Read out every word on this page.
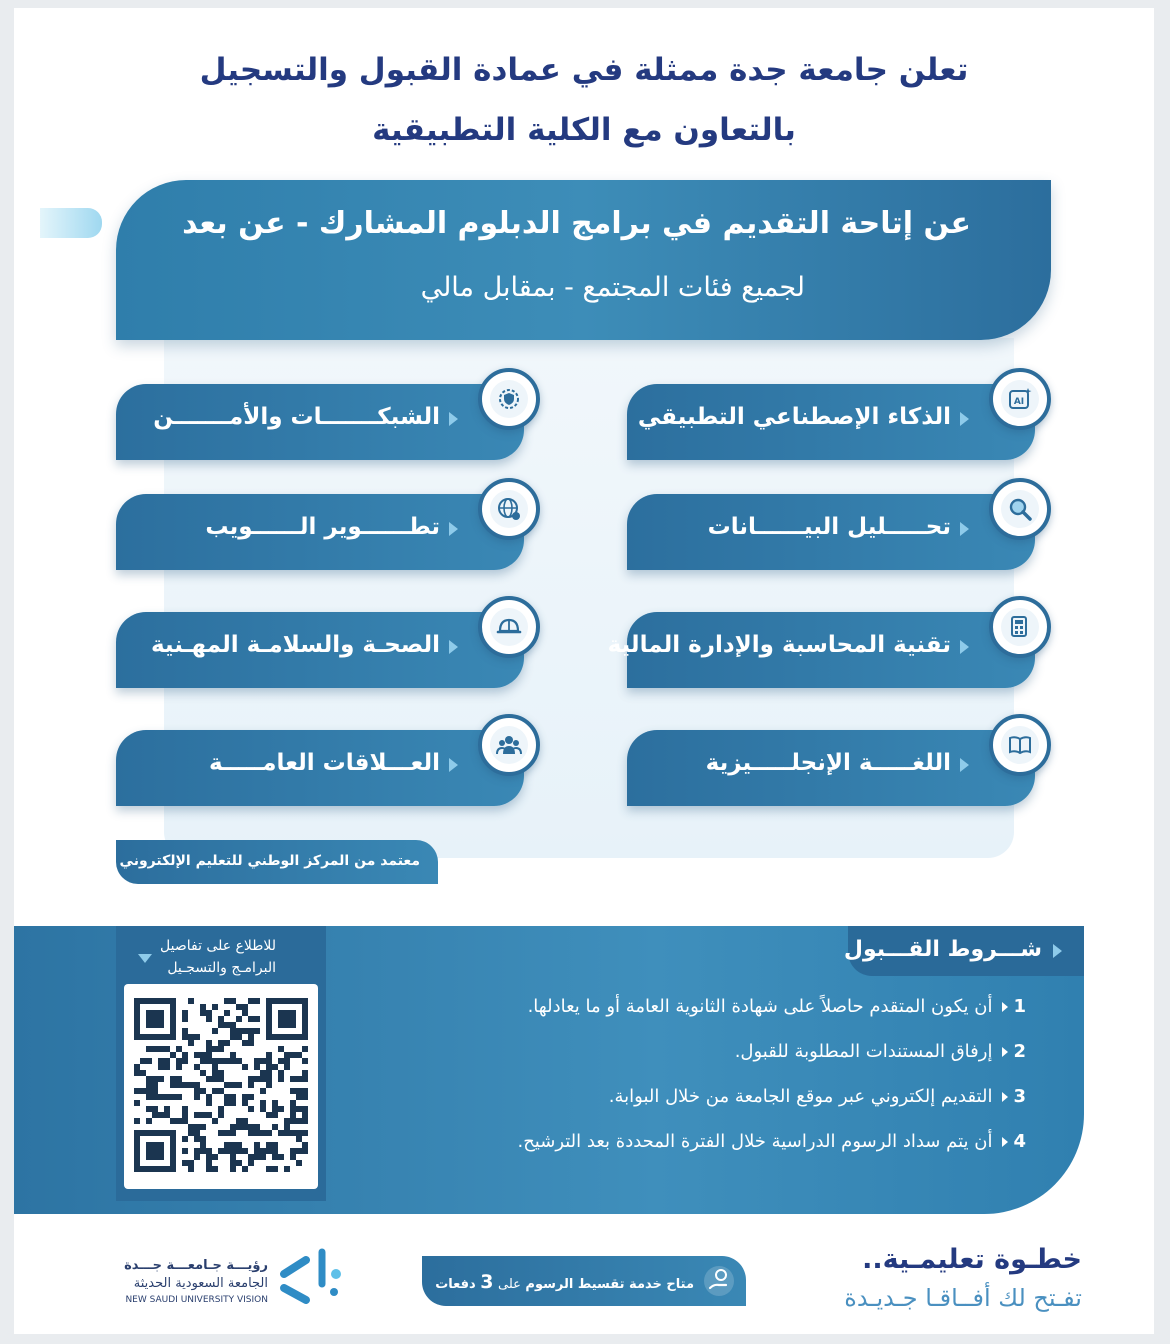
تعلن جامعة جدة ممثلة في عمادة القبول والتسجيل
بالتعاون مع الكلية التطبيقية
عن إتاحة التقديم في برامج الدبلوم المشارك - عن بعد
لجميع فئات المجتمع - بمقابل مالي
الذكاء الإصطناعي التطبيقي
تحـــــليل البيــــــانات
تقنية المحاسبة والإدارة المالية
اللغـــــة الإنجلـــــيزية
الشبكـــــــات والأمـــــــن
تطــــــوير الــــــويب
الصحـة والسلامـة المهـنية
العـــلاقات العامـــــة
AI
معتمد من المركز الوطني للتعليم الإلكتروني
شـــروط القـــبول
1أن يكون المتقدم حاصلاً على شهادة الثانوية العامة أو ما يعادلها.
2إرفاق المستندات المطلوبة للقبول.
3التقديم إلكتروني عبر موقع الجامعة من خلال البوابة.
4أن يتم سداد الرسوم الدراسية خلال الفترة المحددة بعد الترشيح.
للاطلاع على تفاصيل
البرامـج والتسجـيل
رؤيـــة جـامعـــة جـــدة
الجامعة السعودية الحديثة
NEW SAUDI UNIVERSITY VISION
متاح خدمة تقسيط الرسوم على 3 دفعات
خطـوة تعليمـية..
تفـتح لك أفــاقـا جـديـدة
